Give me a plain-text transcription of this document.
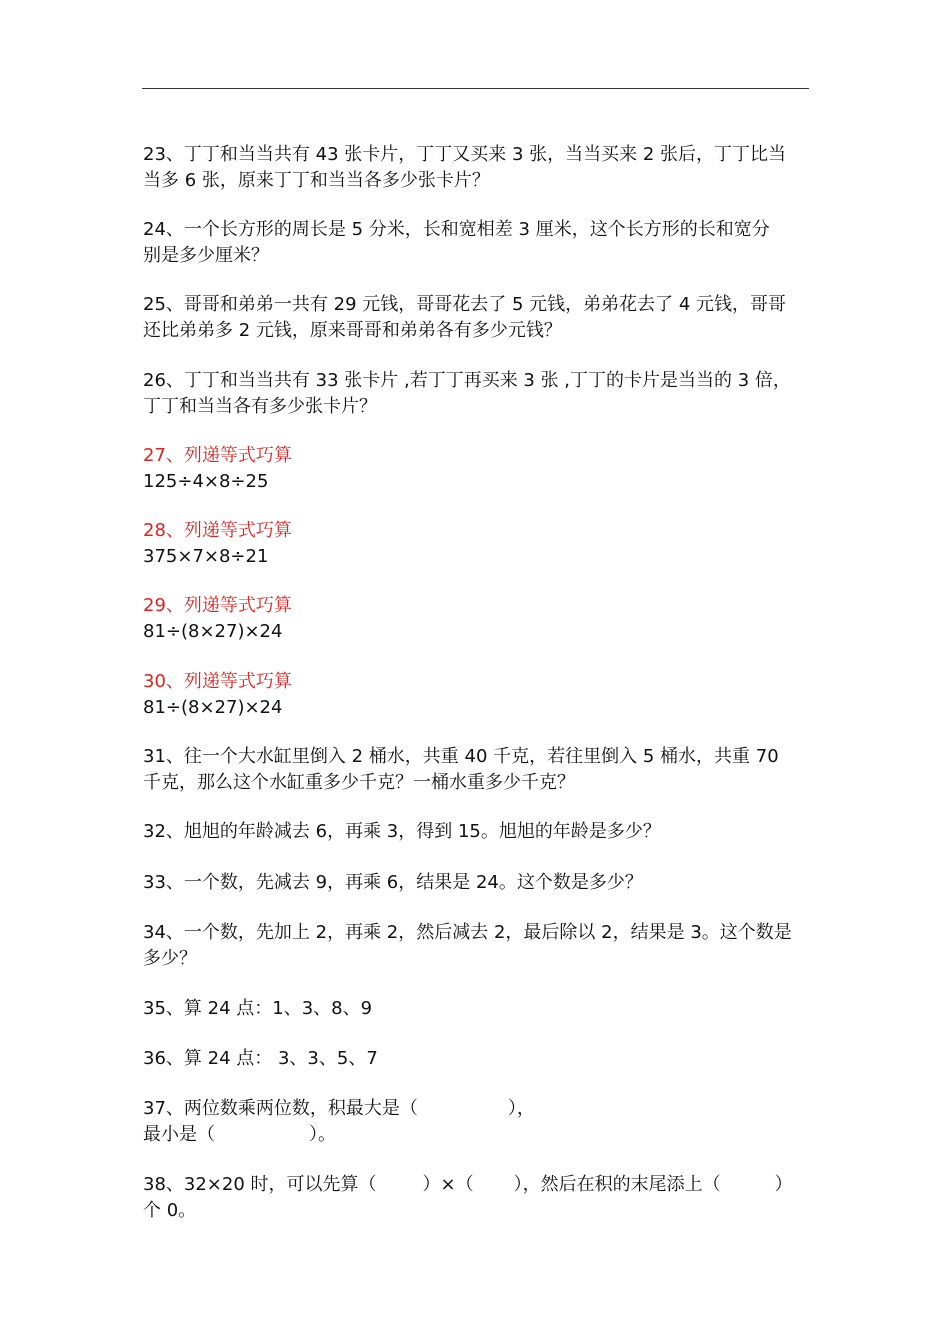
23、丁丁和当当共有 43 张卡片，丁丁又买来 3 张，当当买来 2 张后，丁丁比当
当多 6 张，原来丁丁和当当各多少张卡片？
24、一个长方形的周长是 5 分米，长和宽相差 3 厘米，这个长方形的长和宽分
别是多少厘米？
25、哥哥和弟弟一共有 29 元钱，哥哥花去了 5 元钱，弟弟花去了 4 元钱，哥哥
还比弟弟多 2 元钱，原来哥哥和弟弟各有多少元钱？
26、丁丁和当当共有 33 张卡片 ,若丁丁再买来 3 张 ,丁丁的卡片是当当的 3 倍，
丁丁和当当各有多少张卡片？
27、列递等式巧算
125÷4×8÷25
28、列递等式巧算
375×7×8÷21
29、列递等式巧算
81÷(8×27)×24
30、列递等式巧算
81÷(8×27)×24
31、往一个大水缸里倒入 2 桶水，共重 40 千克，若往里倒入 5 桶水，共重 70
千克，那么这个水缸重多少千克？一桶水重多少千克？
32、旭旭的年龄减去 6，再乘 3，得到 15。旭旭的年龄是多少？
33、一个数，先减去 9，再乘 6，结果是 24。这个数是多少？
34、一个数，先加上 2，再乘 2，然后减去 2，最后除以 2，结果是 3。这个数是
多少？
35、算 24 点：1、3、8、9
36、算 24 点： 3、3、5、7
37、两位数乘两位数，积最大是（	），
最小是（	）。
38、32×20 时，可以先算（	）×（ ），然后在积的末尾添上（	）
个 0。
